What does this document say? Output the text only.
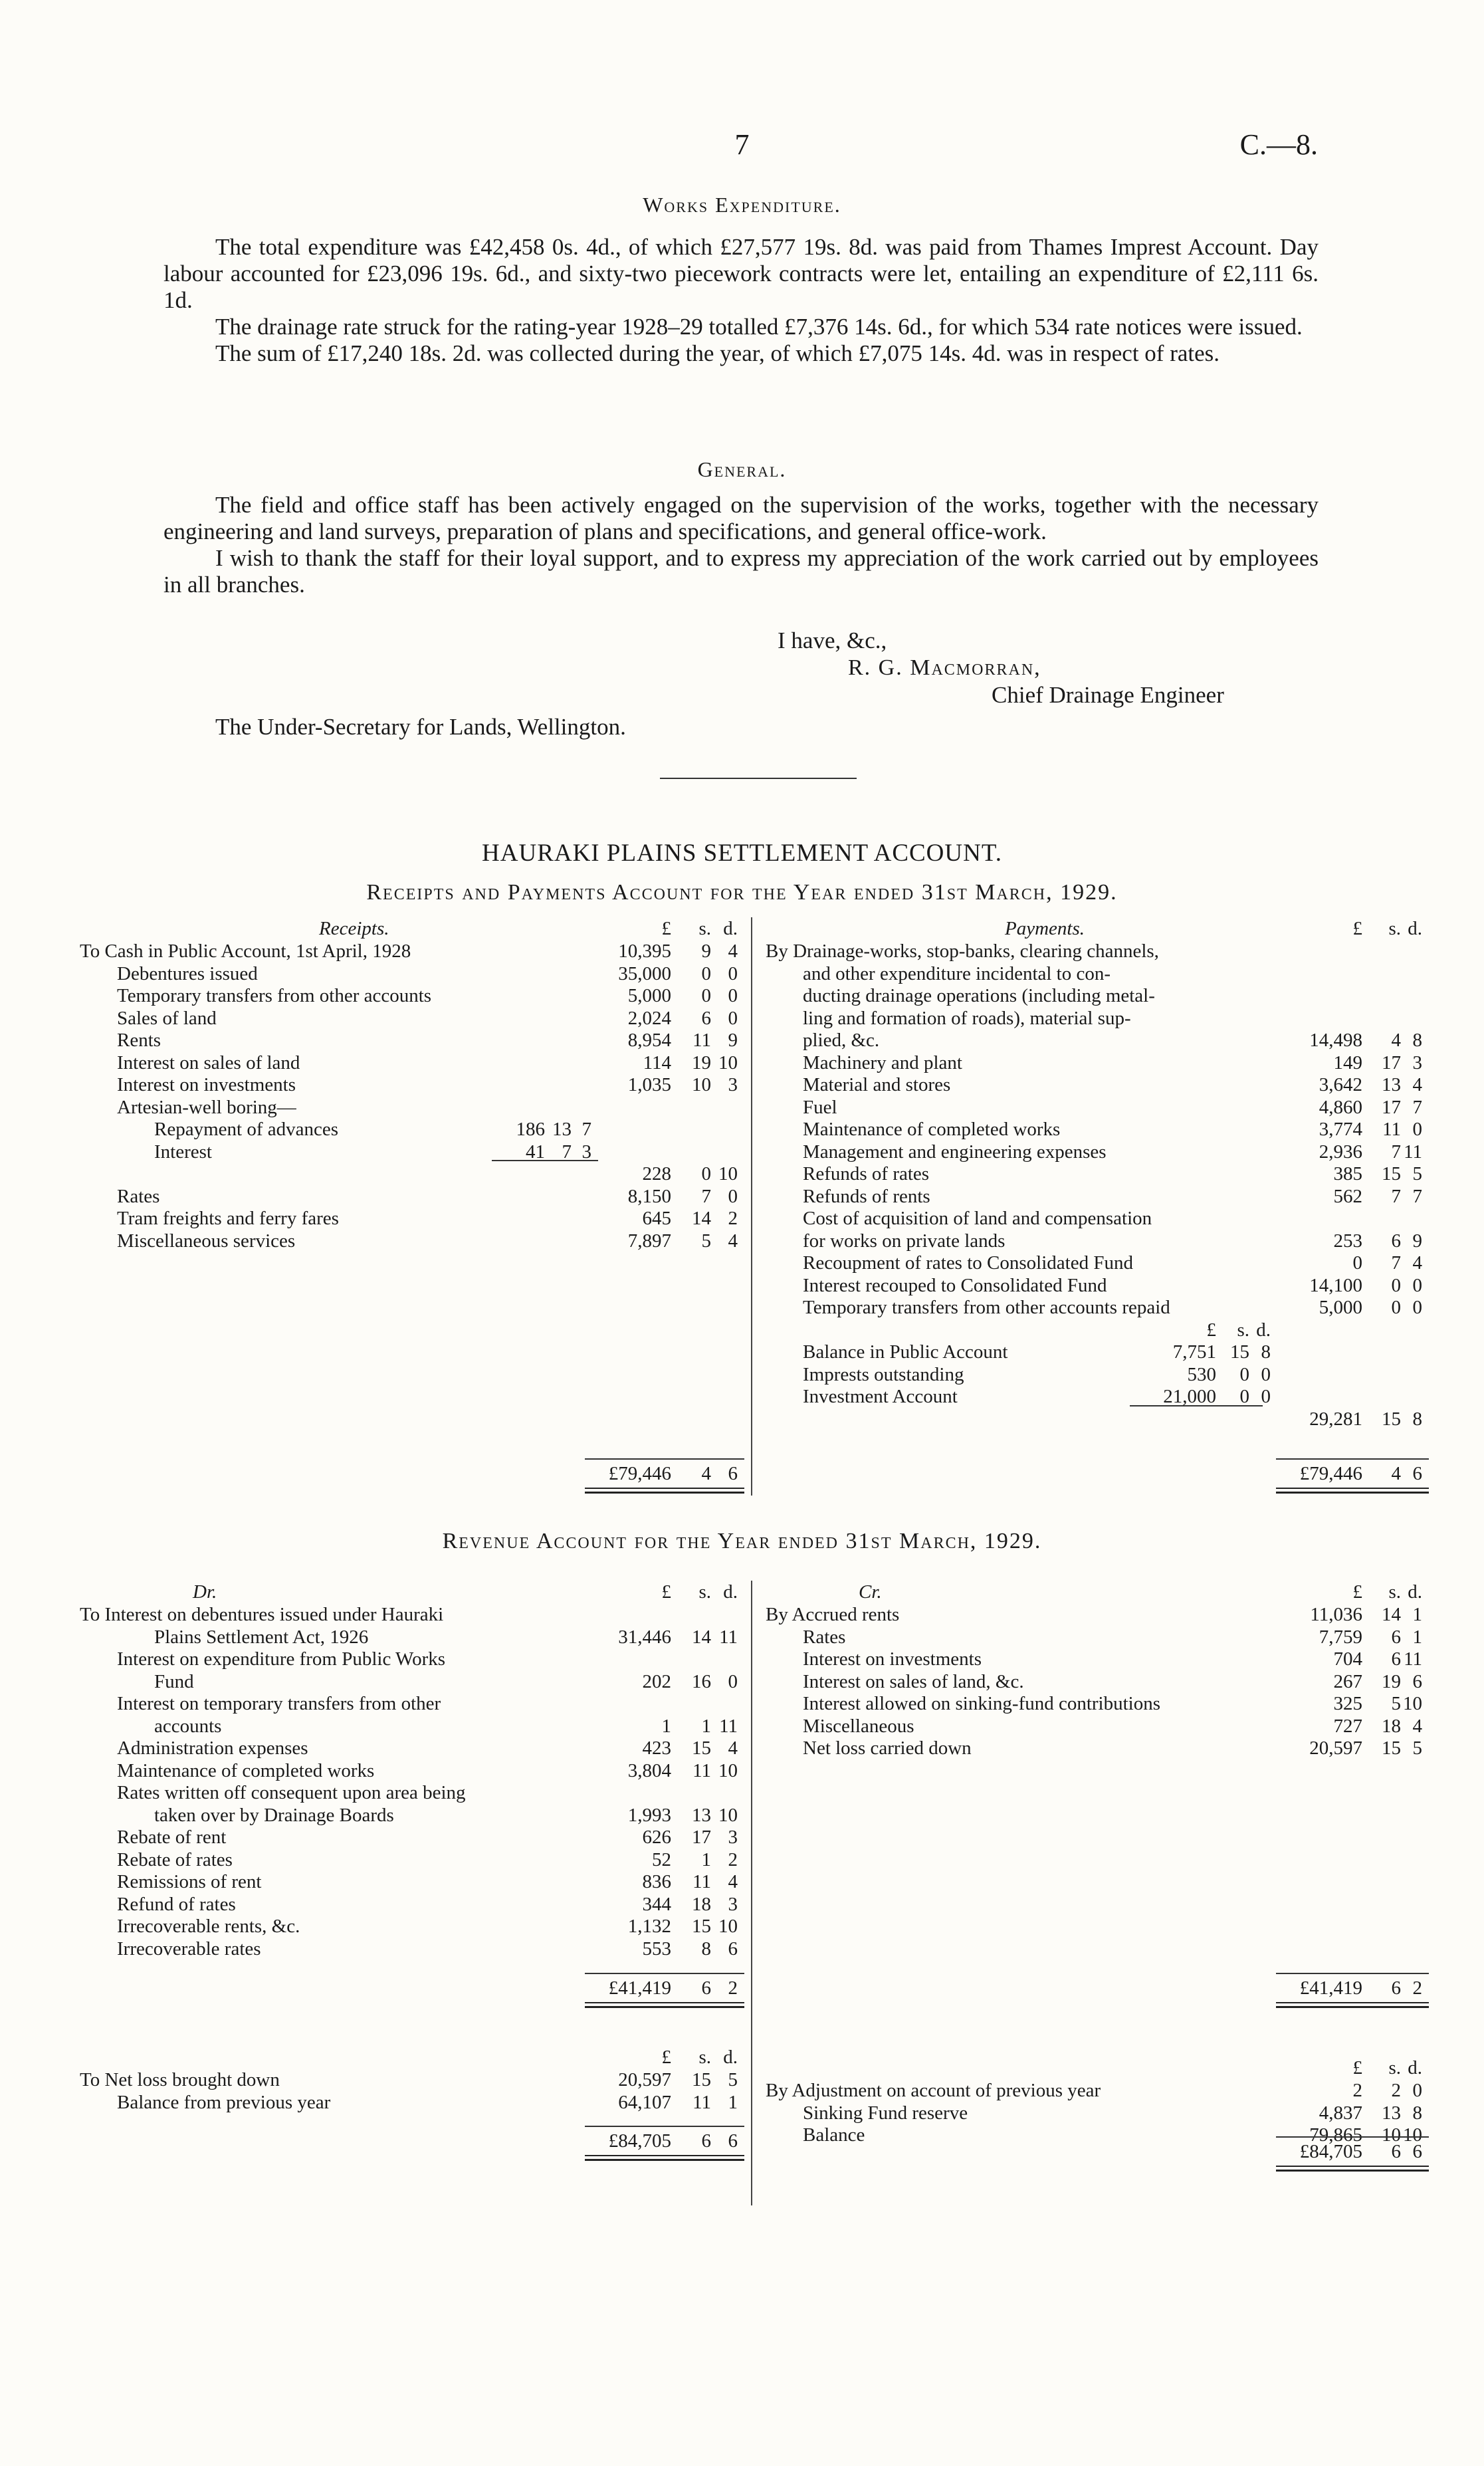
7	C.—8.
Works Expenditure.

The total expenditure was £42,458 0s. 4d., of which £27,577 19s. 8d. was paid from Thames Imprest Account. Day labour accounted for £23,096 19s. 6d., and sixty-two piecework contracts were let, entailing an expenditure of £2,111 6s. 1d.

The drainage rate struck for the rating-year 1928–29 totalled £7,376 14s. 6d., for which 534 rate notices were issued.

The sum of £17,240 18s. 2d. was collected during the year, of which £7,075 14s. 4d. was in respect of rates.

General.

The field and office staff has been actively engaged on the supervision of the works, together with the necessary engineering and land surveys, preparation of plans and specifications, and general office-work.

I wish to thank the staff for their loyal support, and to express my appreciation of the work carried out by employees in all branches.

I have, &c.,
R. G. Macmorran,
Chief Drainage Engineer
The Under-Secretary for Lands, Wellington.
HAURAKI PLAINS SETTLEMENT ACCOUNT.
Receipts and Payments Account for the Year ended 31st March, 1929.
Receipts.	£	s. d.	Payments.	£	s. d.
To Cash in Public Account, 1st April, 1928	10,395	9 4
Debentures issued	35,000	0 0
Temporary transfers from other accounts	5,000	0 0
Sales of land	2,024	6 0
Rents	8,954	11 9
Interest on sales of land	114	19 10
Interest on investments	1,035	10 3
Artesian-well boring—
Repayment of advances	186 13 7
Interest	41 7 3
228	0 10
Rates	8,150	7 0
Tram freights and ferry fares	645	14 2
Miscellaneous services	7,897	5 4
£79,446	4 6
By Drainage-works, stop-banks, clearing channels,
and other expenditure incidental to con-
ducting drainage operations (including metal-
ling and formation of roads), material sup-
plied, &c.	14,498	4 8
Machinery and plant	149	17 3
Material and stores	3,642	13 4
Fuel	4,860	17 7
Maintenance of completed works	3,774	11 0
Management and engineering expenses	2,936	7 11
Refunds of rates	385	15 5
Refunds of rents	562	7 7
Cost of acquisition of land and compensation
for works on private lands	253	6 9
Recoupment of rates to Consolidated Fund	0	7 4
Interest recouped to Consolidated Fund	14,100	0 0
Temporary transfers from other accounts repaid	5,000	0 0
£	s. d.
Balance in Public Account	7,751 15 8
Imprests outstanding	530	0 0
Investment Account	21,000	0 0
29,281	15 8
£79,446	4 6
Dr.	Cr.
£	s. d.	£	s. d.
To Interest on debentures issued under Hauraki
Plains Settlement Act, 1926	31,446	14 11
Interest on expenditure from Public Works
Fund	202	16 0
Interest on temporary transfers from other
accounts	1	1 11
Administration expenses	423	15 4
Maintenance of completed works	3,804	11 10
Rates written off consequent upon area being
taken over by Drainage Boards	1,993	13 10
Rebate of rent	626	17 3
Rebate of rates	52	1 2
Remissions of rent	836	11 4
Refund of rates	344	18 3
Irrecoverable rents, &c.	1,132	15 10
Irrecoverable rates	553	8 6
£41,419	6 2
By Accrued rents	11,036	14 1
Rates	7,759	6 1
Interest on investments	704	6 11
Interest on sales of land, &c.	267	19 6
Interest allowed on sinking-fund contributions	325	5 10
Miscellaneous	727	18 4
Net loss carried down	20,597	15 5
£41,419	6 2
£	s. d.	£	s. d.
To Net loss brought down	20,597	15 5
Balance from previous year	64,107	11 1
£84,705	6 6
By Adjustment on account of previous year	2	2 0
Sinking Fund reserve	4,837	13 8
Balance	79,865	10 10
£84,705	6 6
Revenue Account for the Year ended 31st March, 1929.
